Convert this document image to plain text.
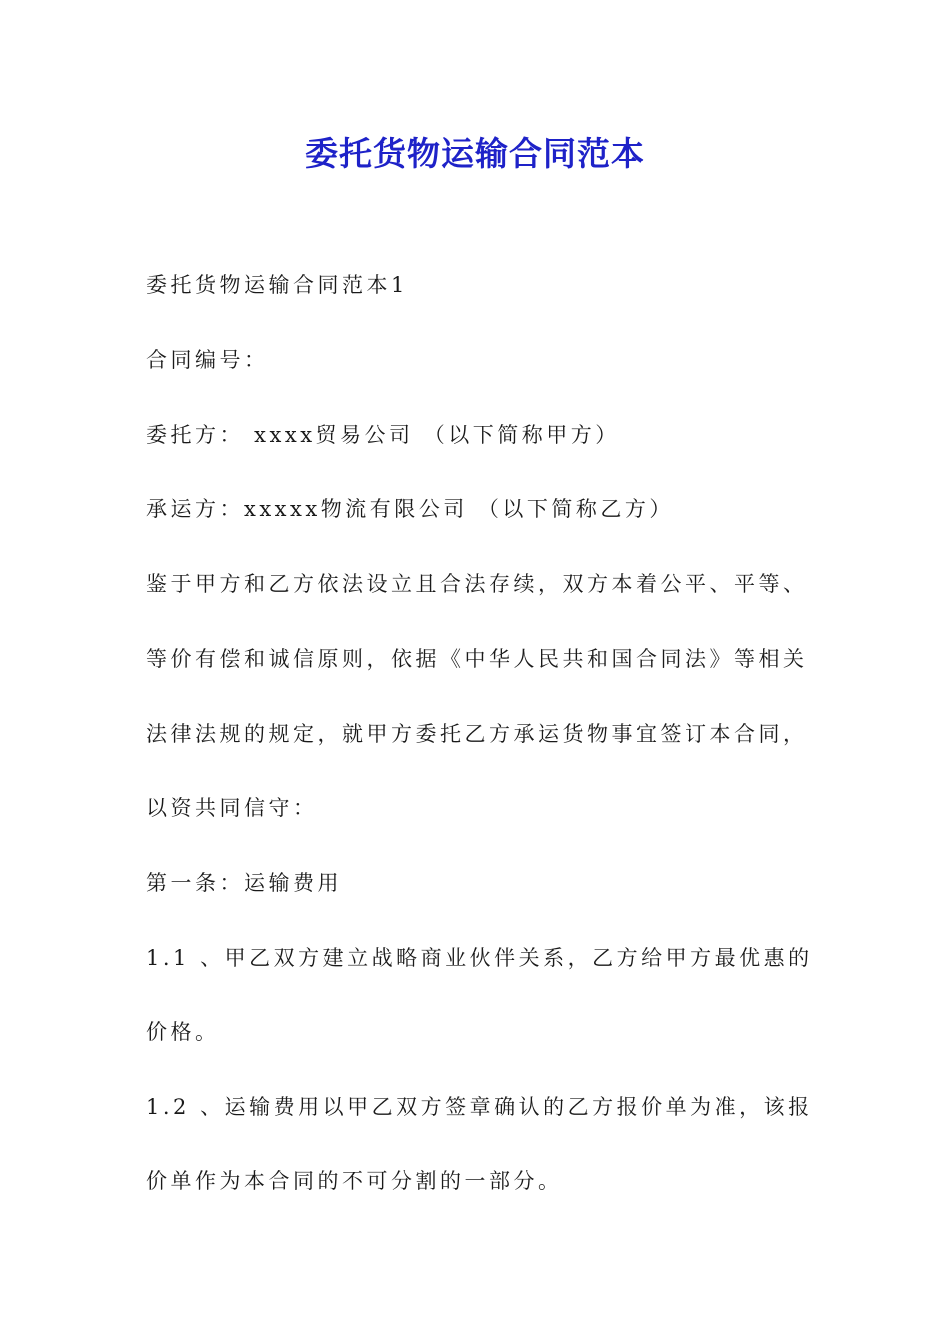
委托货物运输合同范本

委托货物运输合同范本1

合同编号：

委托方： xxxx贸易公司 （以下简称甲方）

承运方：xxxxx物流有限公司 （以下简称乙方）

鉴于甲方和乙方依法设立且合法存续，双方本着公平、平等、

等价有偿和诚信原则，依据《中华人民共和国合同法》等相关

法律法规的规定，就甲方委托乙方承运货物事宜签订本合同，

以资共同信守：

第一条：运输费用

1.1 、甲乙双方建立战略商业伙伴关系，乙方给甲方最优惠的

价格。

1.2 、运输费用以甲乙双方签章确认的乙方报价单为准，该报

价单作为本合同的不可分割的一部分。
